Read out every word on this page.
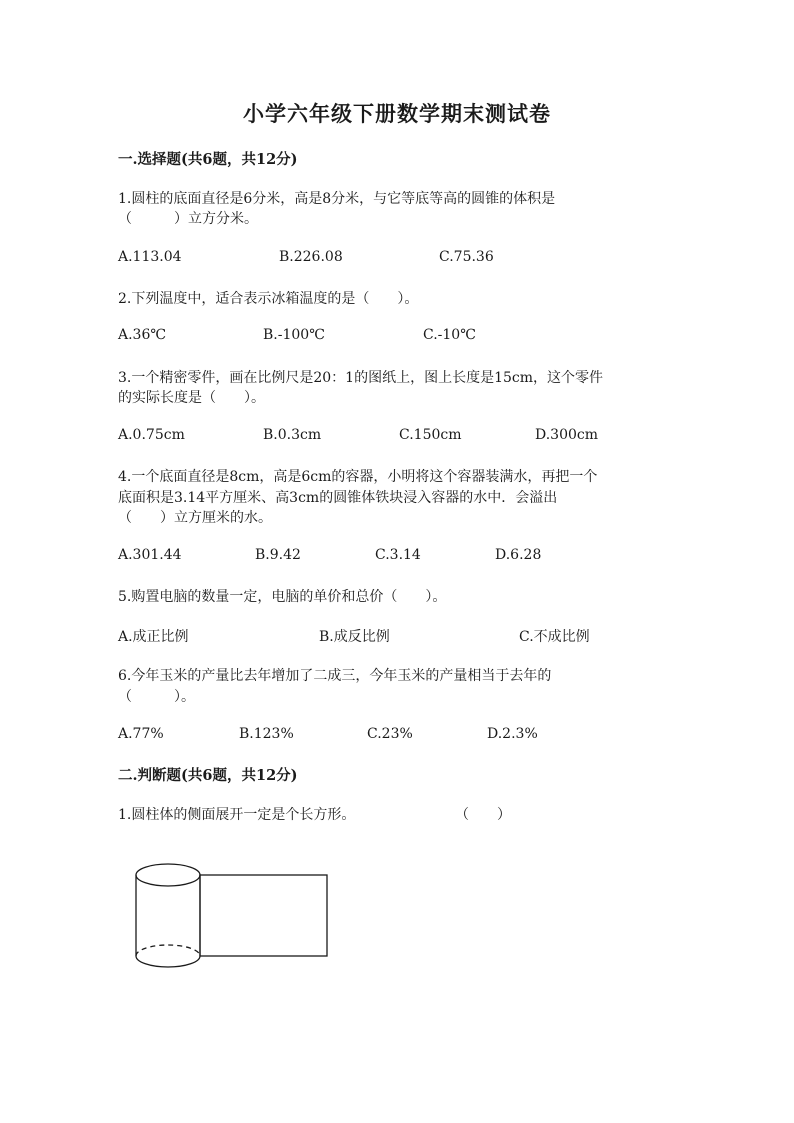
小学六年级下册数学期末测试卷
一.选择题(共6题，共12分)
1.圆柱的底面直径是6分米，高是8分米，与它等底等高的圆锥的体积是
（　　　）立方分米。
A.113.04	B.226.08	C.75.36
2.下列温度中，适合表示冰箱温度的是（　　）。
A.36℃	B.-100℃	C.-10℃
3.一个精密零件，画在比例尺是20：1的图纸上，图上长度是15cm，这个零件
的实际长度是（　　）。
A.0.75cm	B.0.3cm	C.150cm	D.300cm
4.一个底面直径是8cm，高是6cm的容器，小明将这个容器装满水，再把一个
底面积是3.14平方厘米、高3cm的圆锥体铁块浸入容器的水中．会溢出
（　　）立方厘米的水。
A.301.44	B.9.42	C.3.14	D.6.28
5.购置电脑的数量一定，电脑的单价和总价（　　）。
A.成正比例	B.成反比例	C.不成比例
6.今年玉米的产量比去年增加了二成三，今年玉米的产量相当于去年的
（　　　）。
A.77%	B.123%	C.23%	D.2.3%
二.判断题(共6题，共12分)
1.圆柱体的侧面展开一定是个长方形。	（　　）
